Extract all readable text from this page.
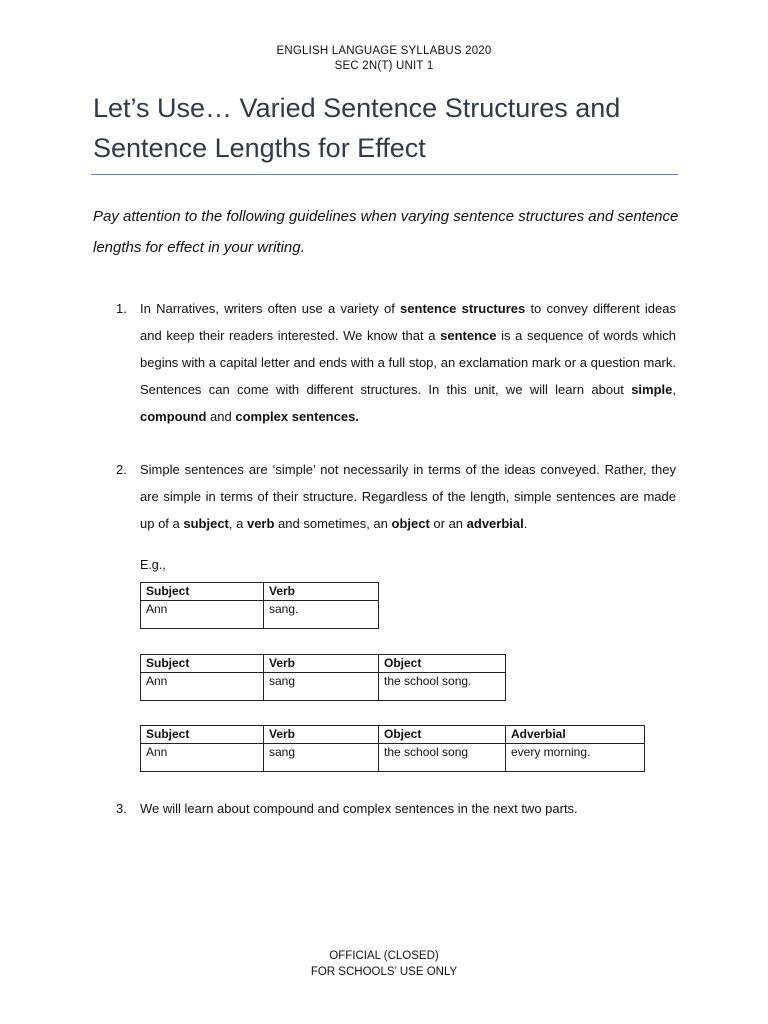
ENGLISH LANGUAGE SYLLABUS 2020
SEC 2N(T) UNIT 1
Let’s Use… Varied Sentence Structures and
Sentence Lengths for Effect

Pay attention to the following guidelines when varying sentence structures and sentence lengths for effect in your writing.

1. In Narratives, writers often use a variety of sentence structures to convey different ideas and keep their readers interested. We know that a sentence is a sequence of words which begins with a capital letter and ends with a full stop, an exclamation mark or a question mark. Sentences can come with different structures. In this unit, we will learn about simple, compound and complex sentences.

2. Simple sentences are ‘simple’ not necessarily in terms of the ideas conveyed. Rather, they are simple in terms of their structure. Regardless of the length, simple sentences are made up of a subject, a verb and sometimes, an object or an adverbial.

E.g.,
Subject	Verb
Ann	sang.
Subject	Verb	Object
Ann	sang	the school song.
Subject	Verb	Object	Adverbial
Ann	sang	the school song	every morning.
3. We will learn about compound and complex sentences in the next two parts.

OFFICIAL (CLOSED)
FOR SCHOOLS’ USE ONLY
